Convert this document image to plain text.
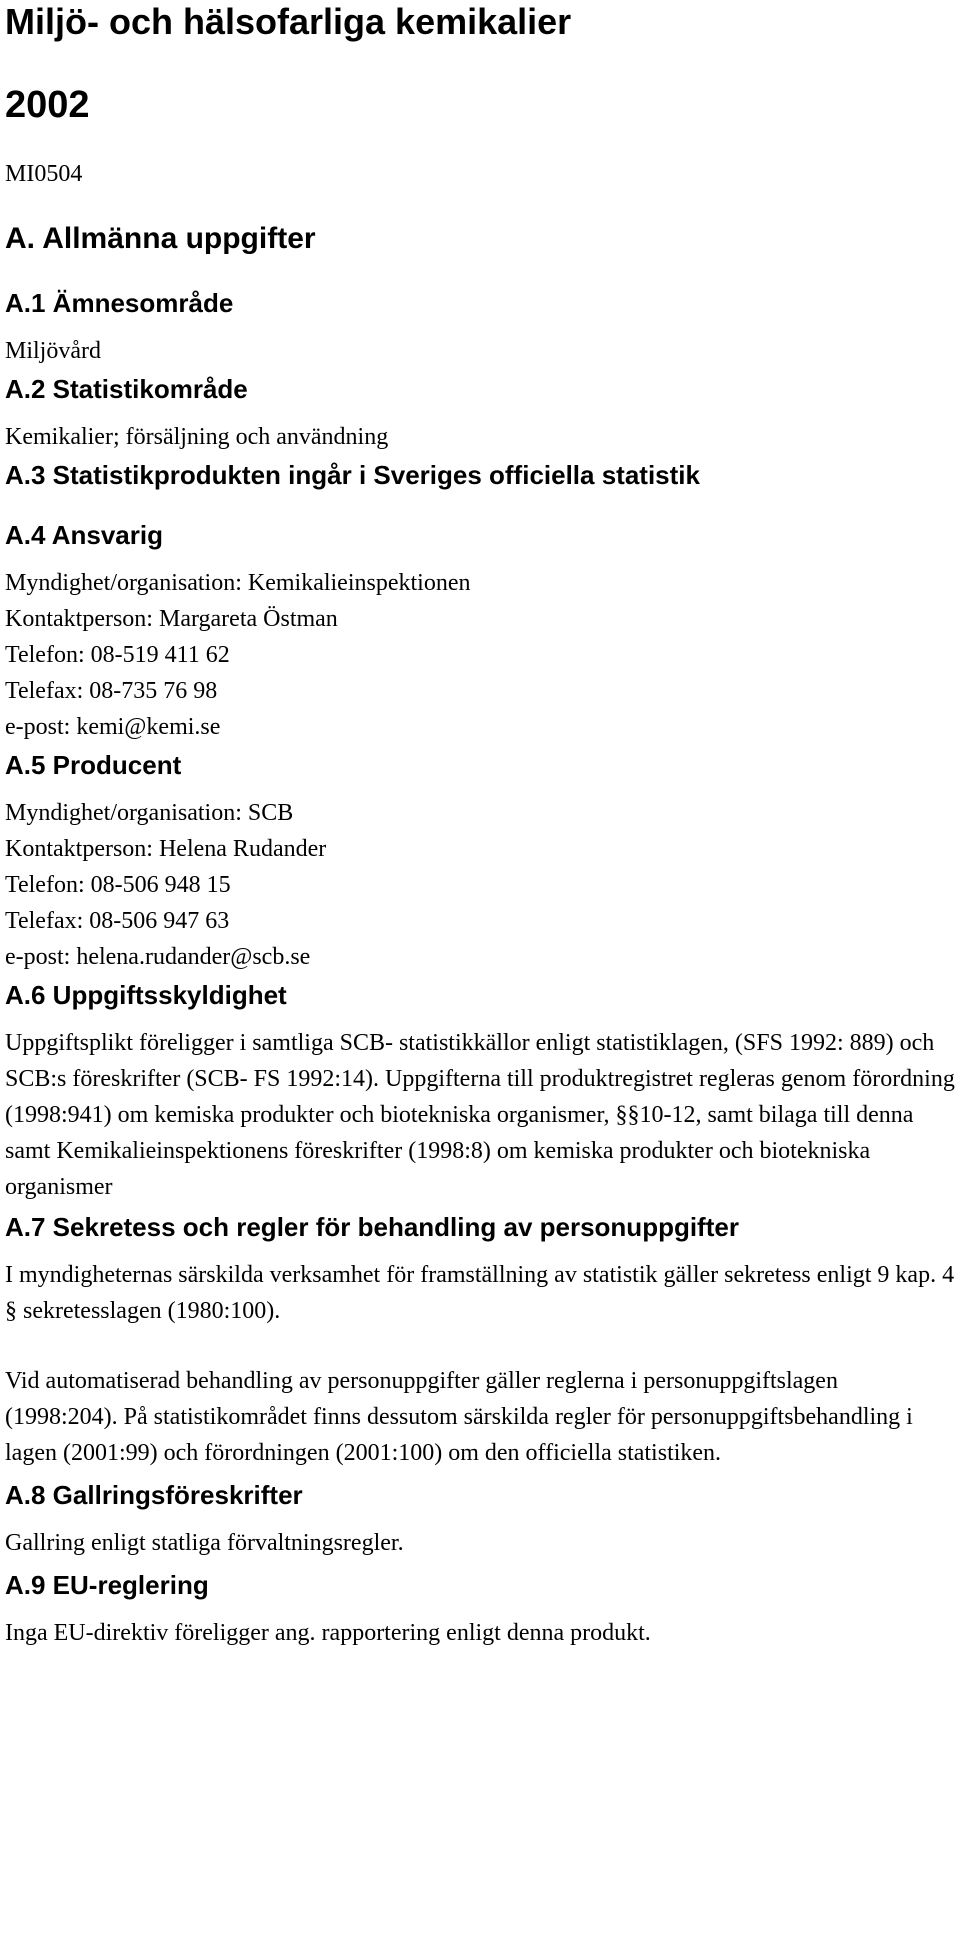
Miljö- och hälsofarliga kemikalier
2002
MI0504
A. Allmänna uppgifter
A.1 Ämnesområde

Miljövård

A.2 Statistikområde

Kemikalier; försäljning och användning

A.3 Statistikprodukten ingår i Sveriges officiella statistik
A.4 Ansvarig
Myndighet/organisation: Kemikalieinspektionen
Kontaktperson: Margareta Östman
Telefon: 08-519 411 62
Telefax: 08-735 76 98
e-post: kemi@kemi.se
A.5 Producent
Myndighet/organisation: SCB
Kontaktperson: Helena Rudander
Telefon: 08-506 948 15
Telefax: 08-506 947 63
e-post: helena.rudander@scb.se
A.6 Uppgiftsskyldighet

Uppgiftsplikt föreligger i samtliga SCB- statistikkällor enligt statistiklagen, (SFS 1992: 889) och SCB:s föreskrifter (SCB- FS 1992:14). Uppgifterna till produktregistret regleras genom förordning (1998:941) om kemiska produkter och biotekniska organismer, §§10-12, samt bilaga till denna samt Kemikalieinspektionens föreskrifter (1998:8) om kemiska produkter och biotekniska organismer

A.7 Sekretess och regler för behandling av personuppgifter

I myndigheternas särskilda verksamhet för framställning av statistik gäller sekretess enligt 9 kap. 4 § sekretesslagen (1980:100).

Vid automatiserad behandling av personuppgifter gäller reglerna i personuppgiftslagen (1998:204). På statistikområdet finns dessutom särskilda regler för personuppgiftsbehandling i lagen (2001:99) och förordningen (2001:100) om den officiella statistiken.

A.8 Gallringsföreskrifter

Gallring enligt statliga förvaltningsregler.

A.9 EU-reglering

Inga EU-direktiv föreligger ang. rapportering enligt denna produkt.
